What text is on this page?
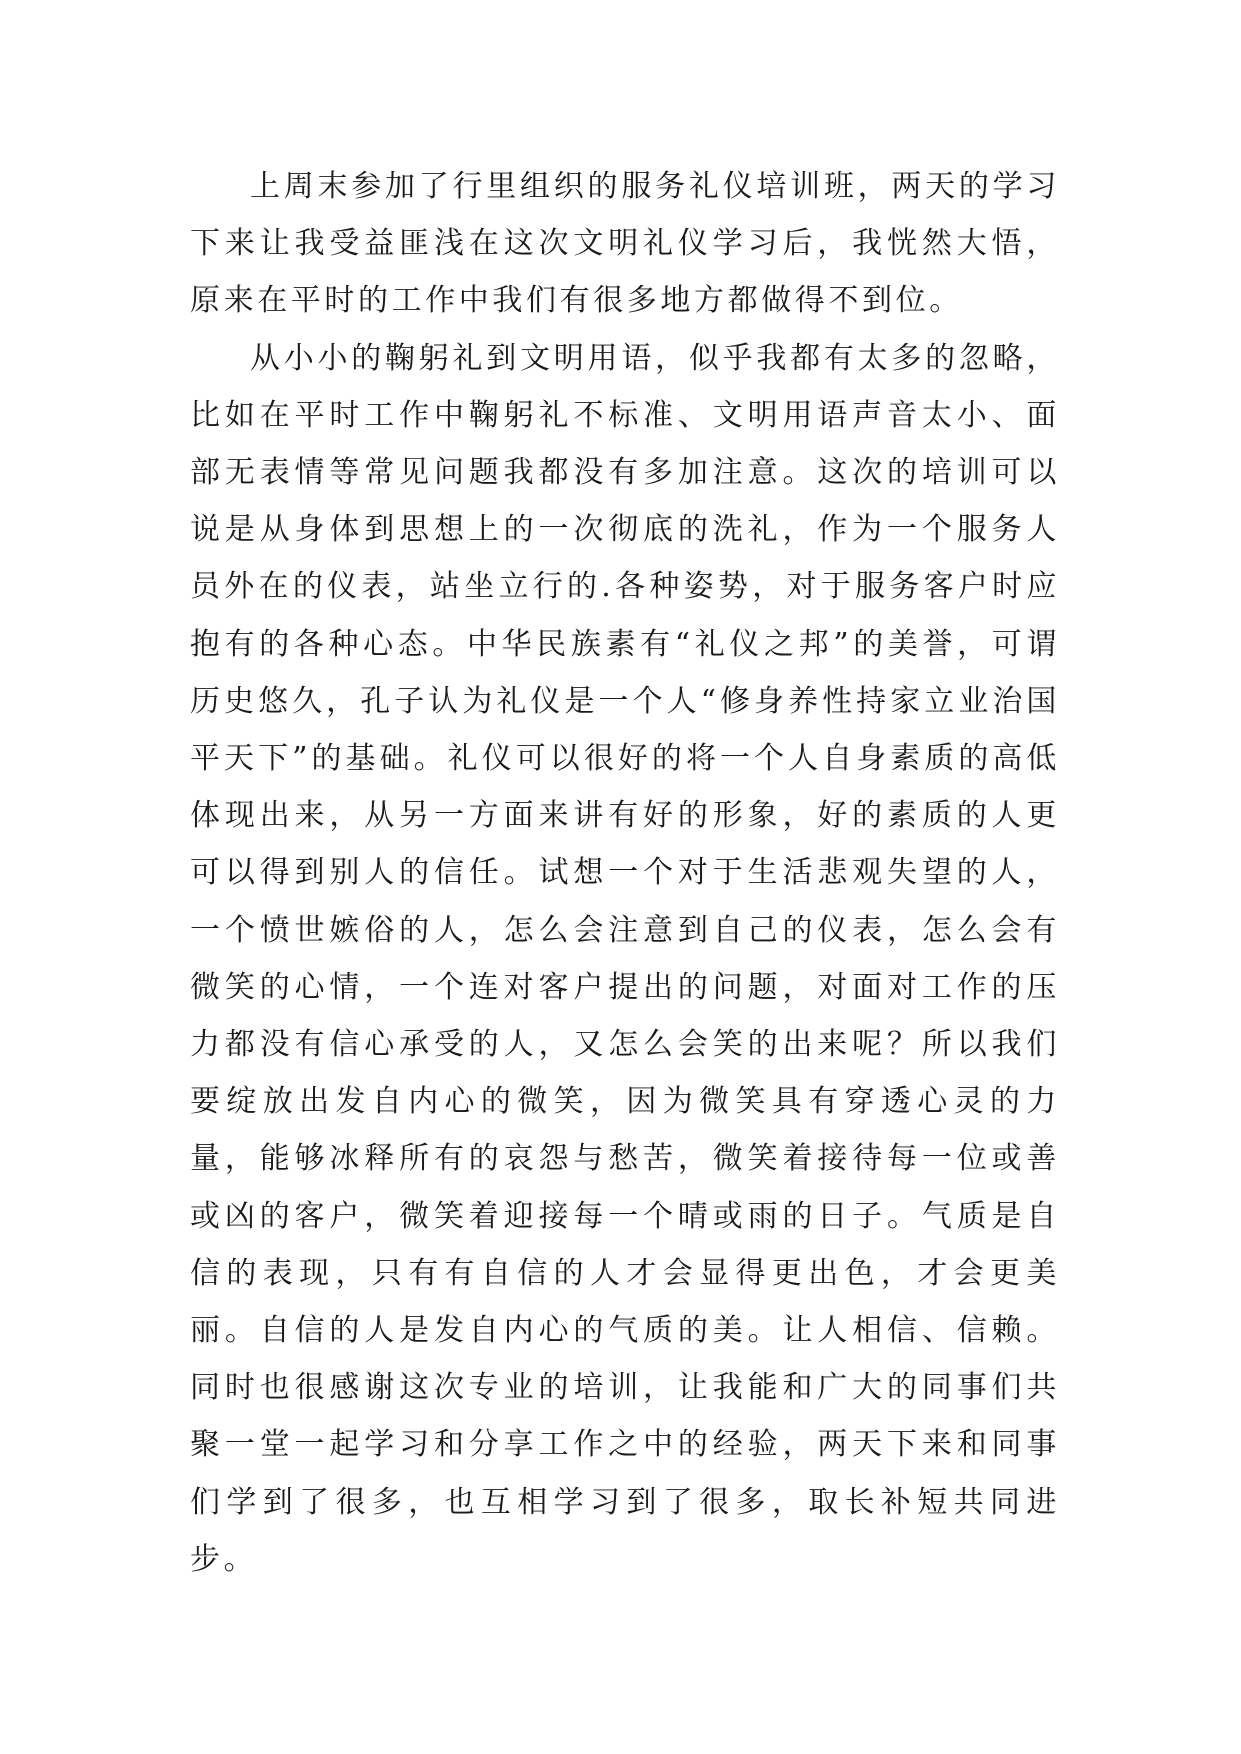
上周末参加了行里组织的服务礼仪培训班，两天的学习下来让我受益匪浅在这次文明礼仪学习后，我恍然大悟，原来在平时的工作中我们有很多地方都做得不到位。

从小小的鞠躬礼到文明用语，似乎我都有太多的忽略，比如在平时工作中鞠躬礼不标准、文明用语声音太小、面部无表情等常见问题我都没有多加注意。这次的培训可以说是从身体到思想上的一次彻底的洗礼，作为一个服务人员外在的仪表，站坐立行的.各种姿势，对于服务客户时应抱有的各种心态。中华民族素有“礼仪之邦”的美誉，可谓历史悠久，孔子认为礼仪是一个人“修身养性持家立业治国平天下”的基础。礼仪可以很好的将一个人自身素质的高低体现出来，从另一方面来讲有好的形象，好的素质的人更可以得到别人的信任。试想一个对于生活悲观失望的人，一个愤世嫉俗的人，怎么会注意到自己的仪表，怎么会有微笑的心情，一个连对客户提出的问题，对面对工作的压力都没有信心承受的人，又怎么会笑的出来呢？所以我们要绽放出发自内心的微笑，因为微笑具有穿透心灵的力量，能够冰释所有的哀怨与愁苦，微笑着接待每一位或善或凶的客户，微笑着迎接每一个晴或雨的日子。气质是自信的表现，只有有自信的人才会显得更出色，才会更美丽。自信的人是发自内心的气质的美。让人相信、信赖。同时也很感谢这次专业的培训，让我能和广大的同事们共聚一堂一起学习和分享工作之中的经验，两天下来和同事们学到了很多，也互相学习到了很多，取长补短共同进步。
